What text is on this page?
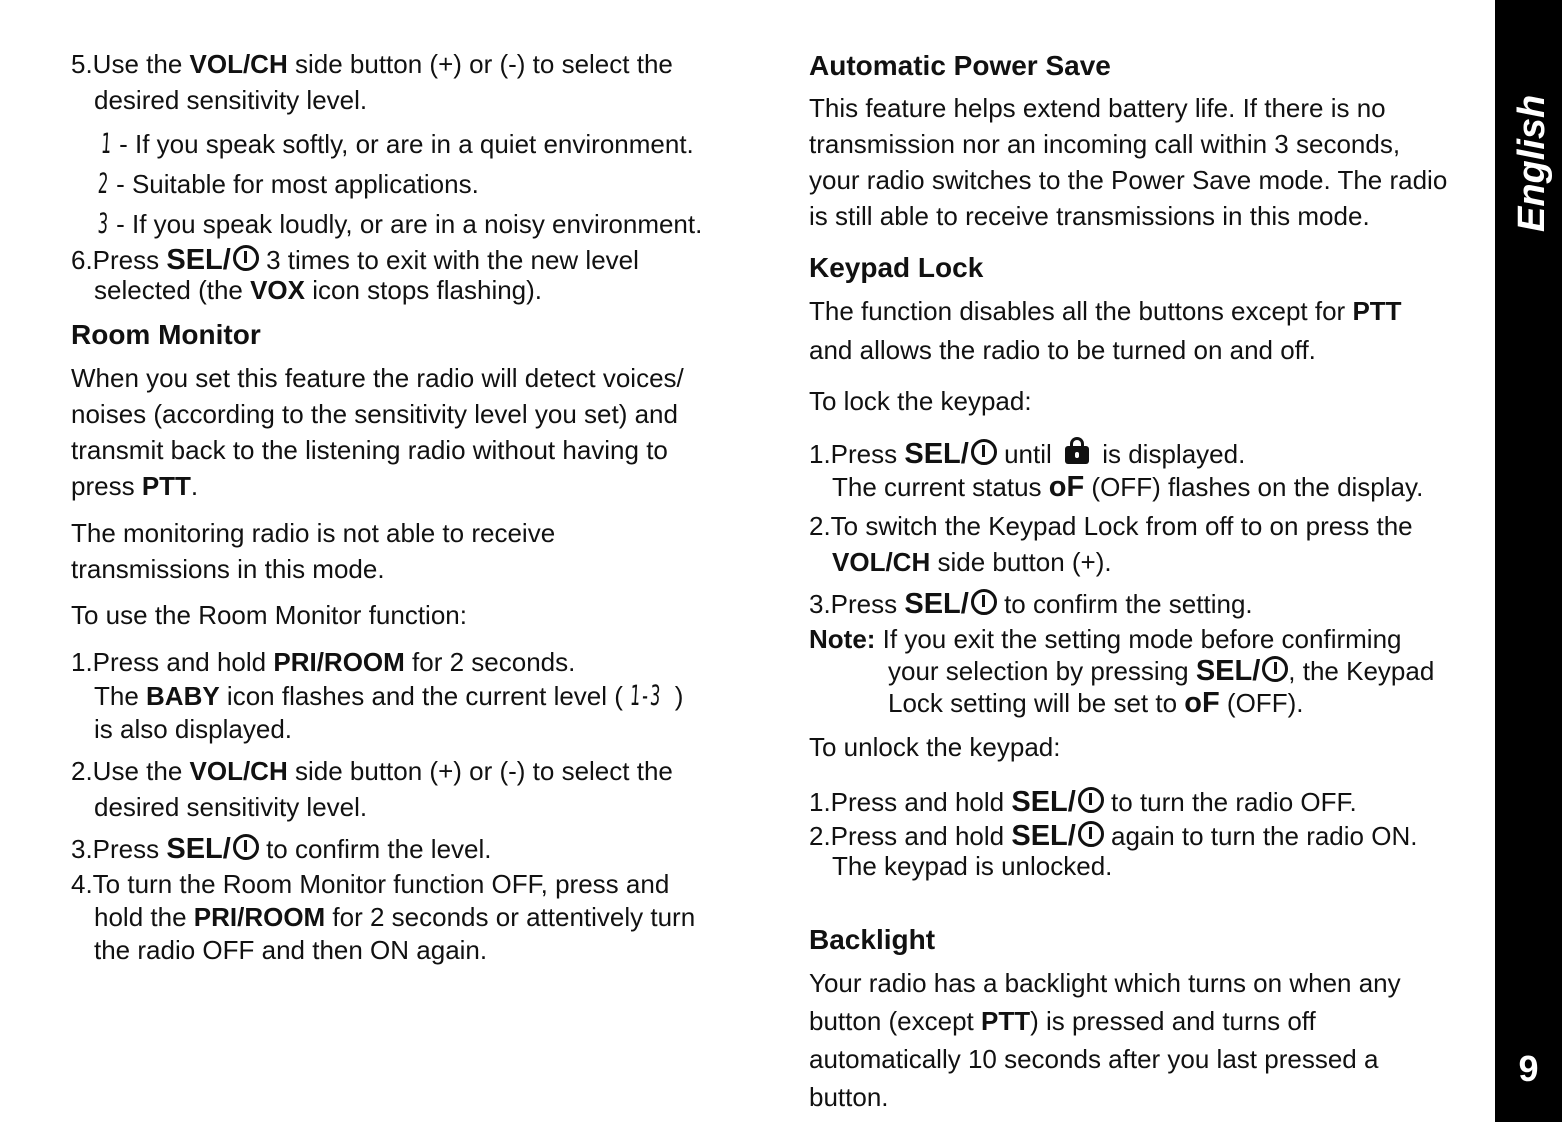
5.Use the VOL/CH side button (+) or (-) to select the
desired sensitivity level.
1 - If you speak softly, or are in a quiet environment.
2 - Suitable for most applications.
3 - If you speak loudly, or are in a noisy environment.
6.Press SEL/ 3 times to exit with the new level
selected (the VOX icon stops flashing).
Room Monitor
When you set this feature the radio will detect voices/
noises (according to the sensitivity level you set) and
transmit back to the listening radio without having to
press PTT.
The monitoring radio is not able to receive
transmissions in this mode.
To use the Room Monitor function:
1.Press and hold PRI/ROOM for 2 seconds.
The BABY icon flashes and the current level ( 1-3 )
is also displayed.
2.Use the VOL/CH side button (+) or (-) to select the
desired sensitivity level.
3.Press SEL/ to confirm the level.
4.To turn the Room Monitor function OFF, press and
hold the PRI/ROOM for 2 seconds or attentively turn
the radio OFF and then ON again.
Automatic Power Save
This feature helps extend battery life. If there is no
transmission nor an incoming call within 3 seconds,
your radio switches to the Power Save mode. The radio
is still able to receive transmissions in this mode.
Keypad Lock
The function disables all the buttons except for PTT
and allows the radio to be turned on and off.
To lock the keypad:
1.Press SEL/ until  is displayed.
The current status oF (OFF) flashes on the display.
2.To switch the Keypad Lock from off to on press the
VOL/CH side button (+).
3.Press SEL/ to confirm the setting.
Note: If you exit the setting mode before confirming
your selection by pressing SEL/ , the Keypad
Lock setting will be set to oF (OFF).
To unlock the keypad:
1.Press and hold SEL/ to turn the radio OFF.
2.Press and hold SEL/ again to turn the radio ON.
The keypad is unlocked.
Backlight
Your radio has a backlight which turns on when any
button (except PTT) is pressed and turns off
automatically 10 seconds after you last pressed a
button.
English
9
